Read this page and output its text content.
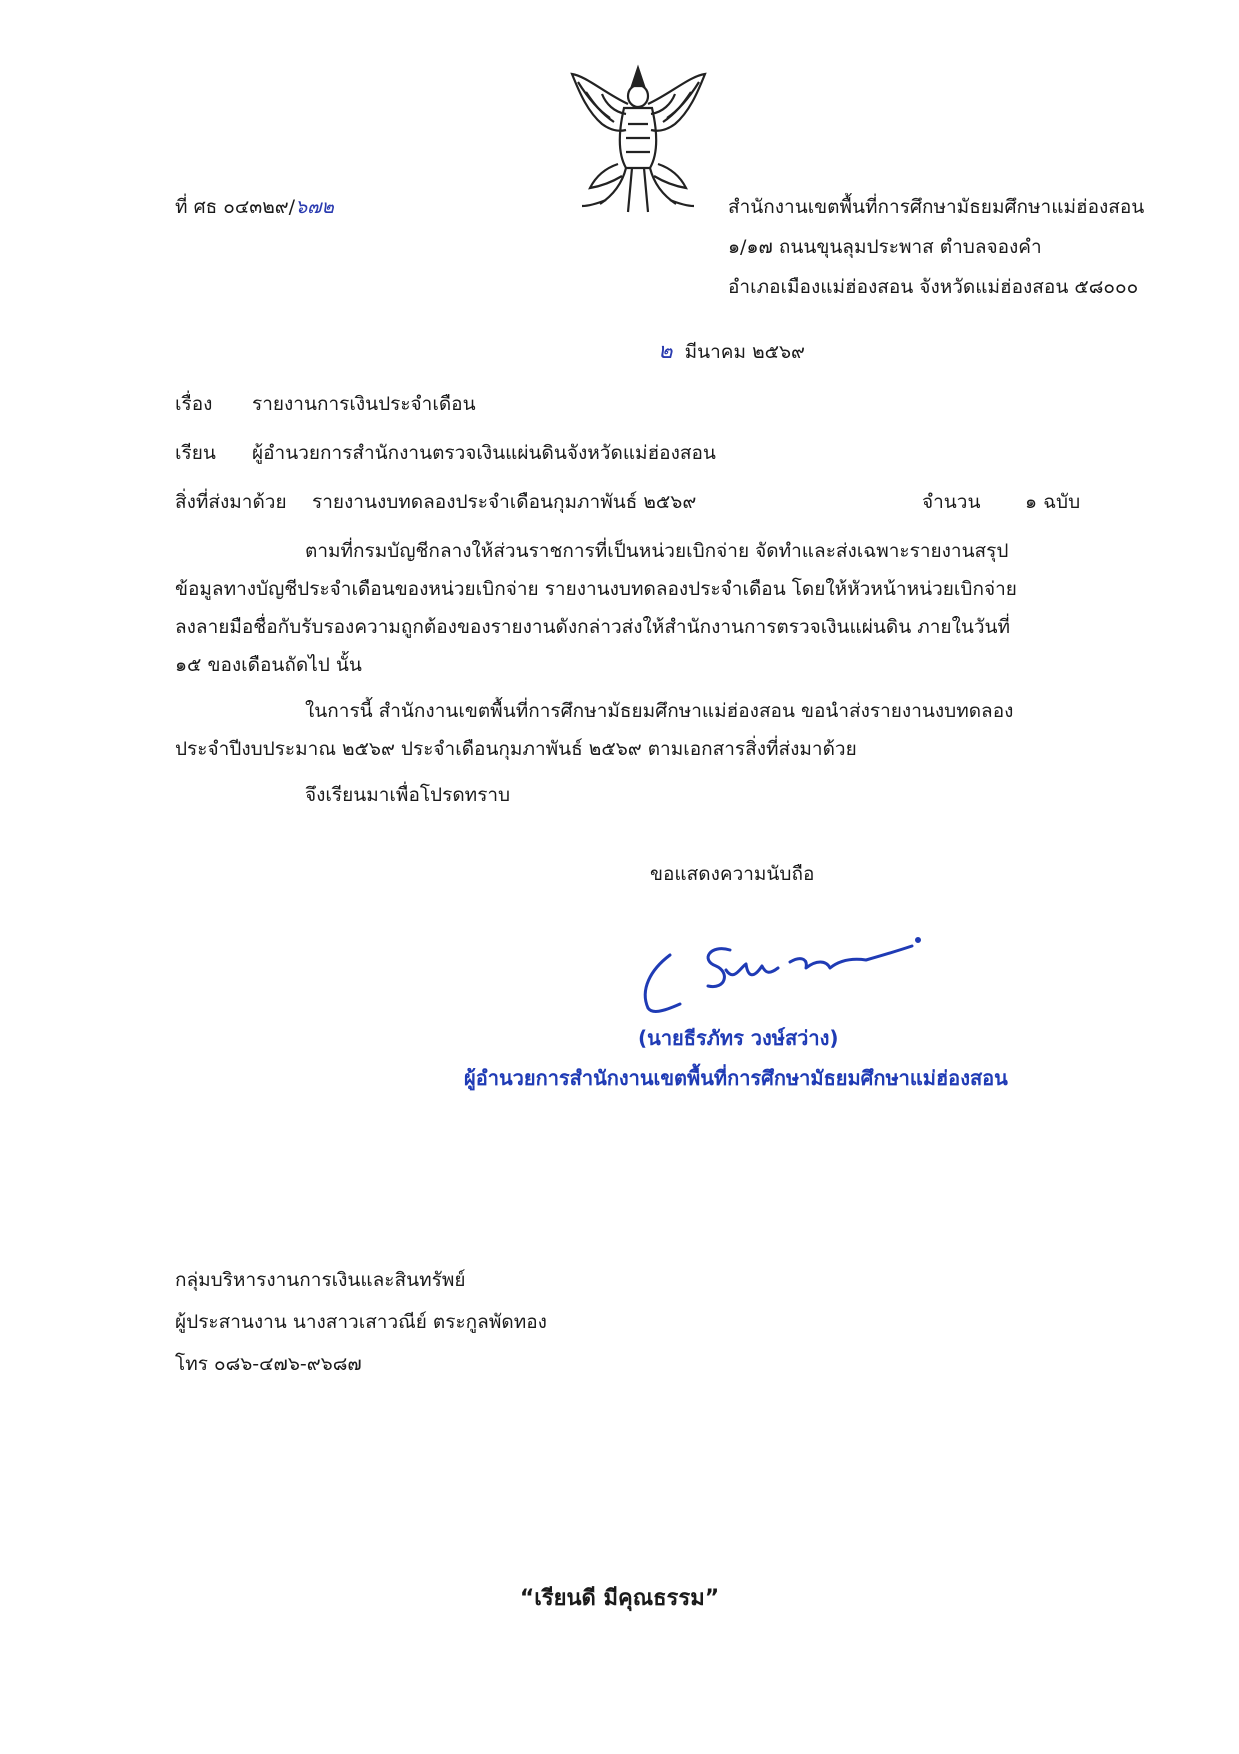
ที่ ศธ ๐๔๓๒๙/๖๗๒	สำนักงานเขตพื้นที่การศึกษามัธยมศึกษาแม่ฮ่องสอน
๑/๑๗ ถนนขุนลุมประพาส ตำบลจองคำ
อำเภอเมืองแม่ฮ่องสอน จังหวัดแม่ฮ่องสอน ๕๘๐๐๐
๒ มีนาคม ๒๕๖๙
เรื่อง รายงานการเงินประจำเดือน
เรียน ผู้อำนวยการสำนักงานตรวจเงินแผ่นดินจังหวัดแม่ฮ่องสอน
สิ่งที่ส่งมาด้วย รายงานงบทดลองประจำเดือนกุมภาพันธ์ ๒๕๖๙	จำนวน ๑ ฉบับ
ตามที่กรมบัญชีกลางให้ส่วนราชการที่เป็นหน่วยเบิกจ่าย จัดทำและส่งเฉพาะรายงานสรุป
ข้อมูลทางบัญชีประจำเดือนของหน่วยเบิกจ่าย รายงานงบทดลองประจำเดือน โดยให้หัวหน้าหน่วยเบิกจ่าย
ลงลายมือชื่อกับรับรองความถูกต้องของรายงานดังกล่าวส่งให้สำนักงานการตรวจเงินแผ่นดิน ภายในวันที่
๑๕ ของเดือนถัดไป นั้น
ในการนี้ สำนักงานเขตพื้นที่การศึกษามัธยมศึกษาแม่ฮ่องสอน ขอนำส่งรายงานงบทดลอง
ประจำปีงบประมาณ ๒๕๖๙ ประจำเดือนกุมภาพันธ์ ๒๕๖๙ ตามเอกสารสิ่งที่ส่งมาด้วย
จึงเรียนมาเพื่อโปรดทราบ
ขอแสดงความนับถือ
(นายธีรภัทร วงษ์สว่าง)
ผู้อำนวยการสำนักงานเขตพื้นที่การศึกษามัธยมศึกษาแม่ฮ่องสอน
กลุ่มบริหารงานการเงินและสินทรัพย์
ผู้ประสานงาน นางสาวเสาวณีย์ ตระกูลพัดทอง
โทร ๐๘๖-๔๗๖-๙๖๘๗
“เรียนดี มีคุณธรรม”
